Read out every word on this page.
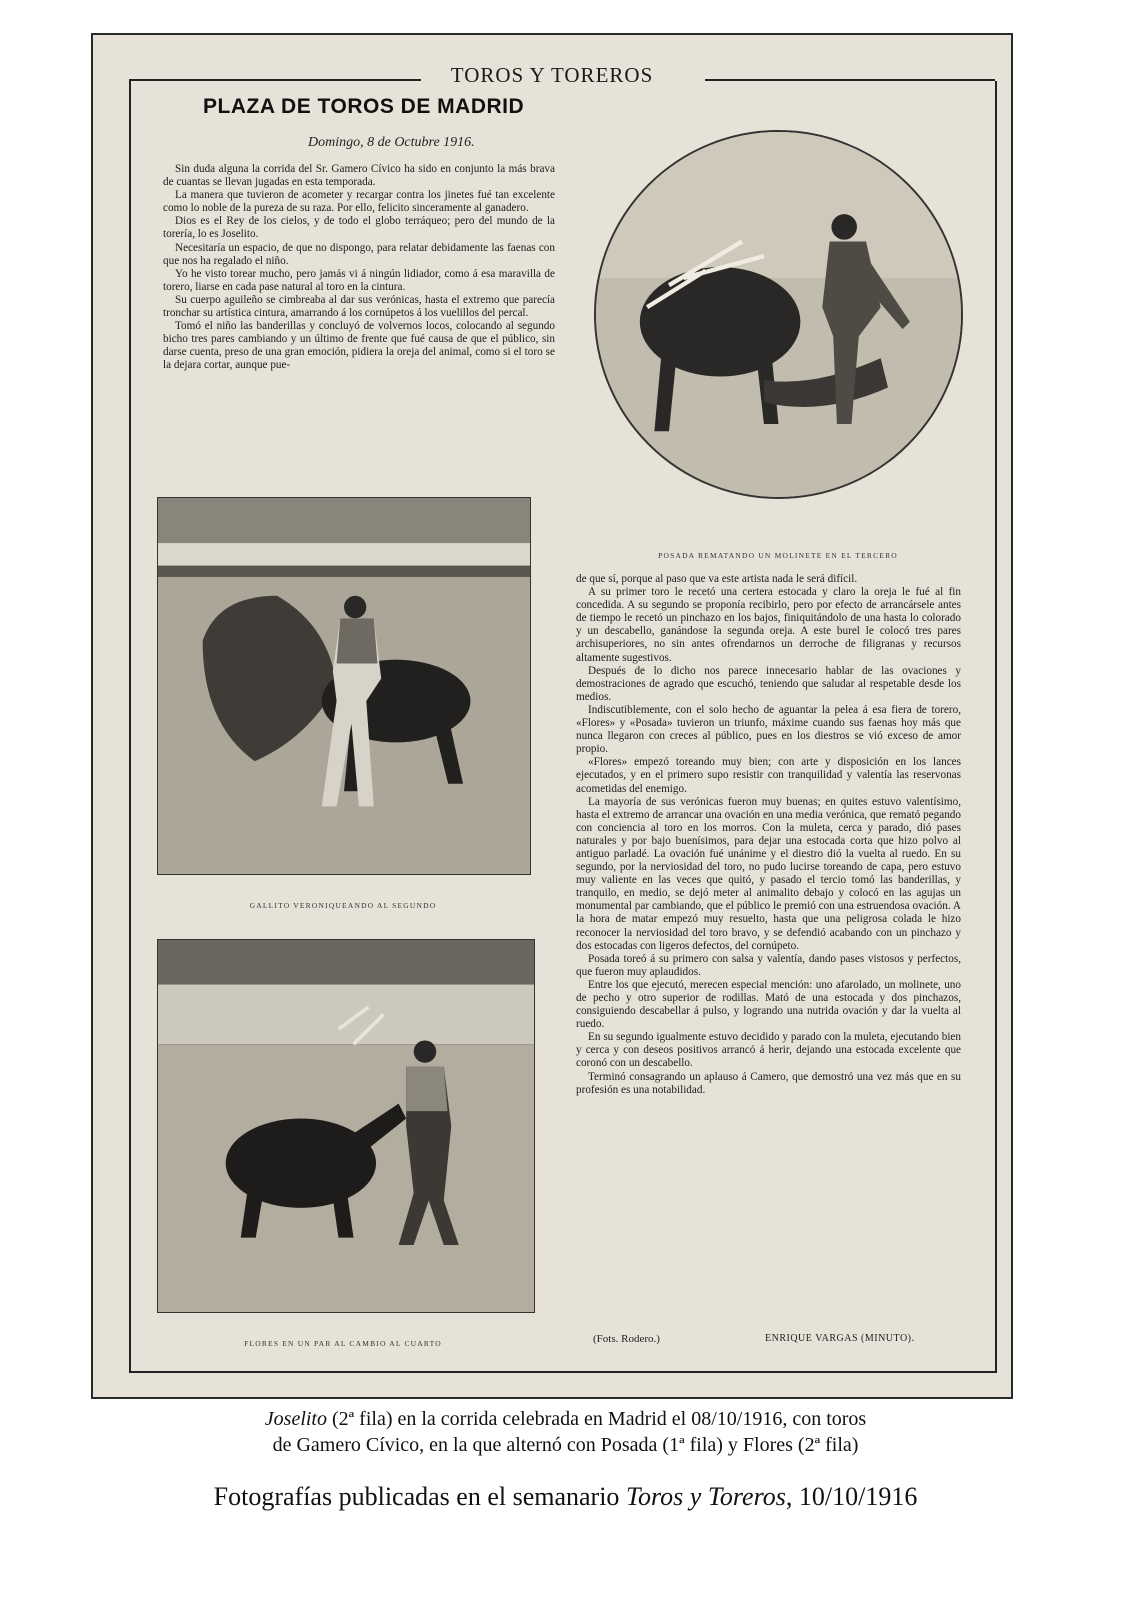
TOROS Y TOREROS
PLAZA DE TOROS DE MADRID
Domingo, 8 de Octubre 1916.

Sin duda alguna la corrida del Sr. Gamero Cívico ha sido en conjunto la más brava de cuantas se llevan jugadas en esta temporada.

La manera que tuvieron de acometer y recargar contra los jinetes fué tan excelente como lo noble de la pureza de su raza. Por ello, felicito sinceramente al ganadero.

Dios es el Rey de los cielos, y de todo el globo terráqueo; pero del mundo de la torería, lo es Joselito.

Necesitaría un espacio, de que no dispongo, para relatar debidamente las faenas con que nos ha regalado el niño.

Yo he visto torear mucho, pero jamás vi á ningún lidiador, como á esa maravilla de torero, liarse en cada pase natural al toro en la cintura.

Su cuerpo aguileño se cimbreaba al dar sus verónicas, hasta el extremo que parecía tronchar su artística cintura, amarrando á los cornúpetos á los vuelillos del percal.

Tomó el niño las banderillas y concluyó de volvernos locos, colocando al segundo bicho tres pares cambiando y un último de frente que fué causa de que el público, sin darse cuenta, preso de una gran emoción, pidiera la oreja del animal, como si el toro se la dejara cortar, aunque pue-

POSADA REMATANDO UN MOLINETE EN EL TERCERO
GALLITO VERONIQUEANDO AL SEGUNDO
FLORES EN UN PAR AL CAMBIO AL CUARTO

de que sí, porque al paso que va este artista nada le será difícil.

A su primer toro le recetó una certera estocada y claro la oreja le fué al fin concedida. A su segundo se proponía recibirlo, pero por efecto de arrancársele antes de tiempo le recetó un pinchazo en los bajos, finiquitándolo de una hasta lo colorado y un descabello, ganándose la segunda oreja. A este burel le colocó tres pares archisuperiores, no sin antes ofrendarnos un derroche de filigranas y recursos altamente sugestivos.

Después de lo dicho nos parece innecesario hablar de las ovaciones y demostraciones de agrado que escuchó, teniendo que saludar al respetable desde los medios.

Indiscutiblemente, con el solo hecho de aguantar la pelea á esa fiera de torero, «Flores» y «Posada» tuvieron un triunfo, máxime cuando sus faenas hoy más que nunca llegaron con creces al público, pues en los diestros se vió exceso de amor propio.

«Flores» empezó toreando muy bien; con arte y disposición en los lances ejecutados, y en el primero supo resistir con tranquilidad y valentía las reservonas acometidas del enemigo.

La mayoría de sus verónicas fueron muy buenas; en quites estuvo valentísimo, hasta el extremo de arrancar una ovación en una media verónica, que remató pegando con conciencia al toro en los morros. Con la muleta, cerca y parado, dió pases naturales y por bajo buenísimos, para dejar una estocada corta que hizo polvo al antiguo parladé. La ovación fué unánime y el diestro dió la vuelta al ruedo. En su segundo, por la nerviosidad del toro, no pudo lucirse toreando de capa, pero estuvo muy valiente en las veces que quitó, y pasado el tercio tomó las banderillas, y tranquilo, en medio, se dejó meter al animalito debajo y colocó en las agujas un monumental par cambiando, que el público le premió con una estruendosa ovación. A la hora de matar empezó muy resuelto, hasta que una peligrosa colada le hizo reconocer la nerviosidad del toro bravo, y se defendió acabando con un pinchazo y dos estocadas con ligeros defectos, del cornúpeto.

Posada toreó á su primero con salsa y valentía, dando pases vistosos y perfectos, que fueron muy aplaudidos.

Entre los que ejecutó, merecen especial mención: uno afarolado, un molinete, uno de pecho y otro superior de rodillas. Mató de una estocada y dos pinchazos, consiguiendo descabellar á pulso, y logrando una nutrida ovación y dar la vuelta al ruedo.

En su segundo igualmente estuvo decidido y parado con la muleta, ejecutando bien y cerca y con deseos positivos arrancó á herir, dejando una estocada excelente que coronó con un descabello.

Terminó consagrando un aplauso á Camero, que demostró una vez más que en su profesión es una notabilidad.

(Fots. Rodero.)	ENRIQUE VARGAS (MINUTO).
Joselito (2ª fila) en la corrida celebrada en Madrid el 08/10/1916, con toros
de Gamero Cívico, en la que alternó con Posada (1ª fila) y Flores (2ª fila)
Fotografías publicadas en el semanario Toros y Toreros, 10/10/1916
